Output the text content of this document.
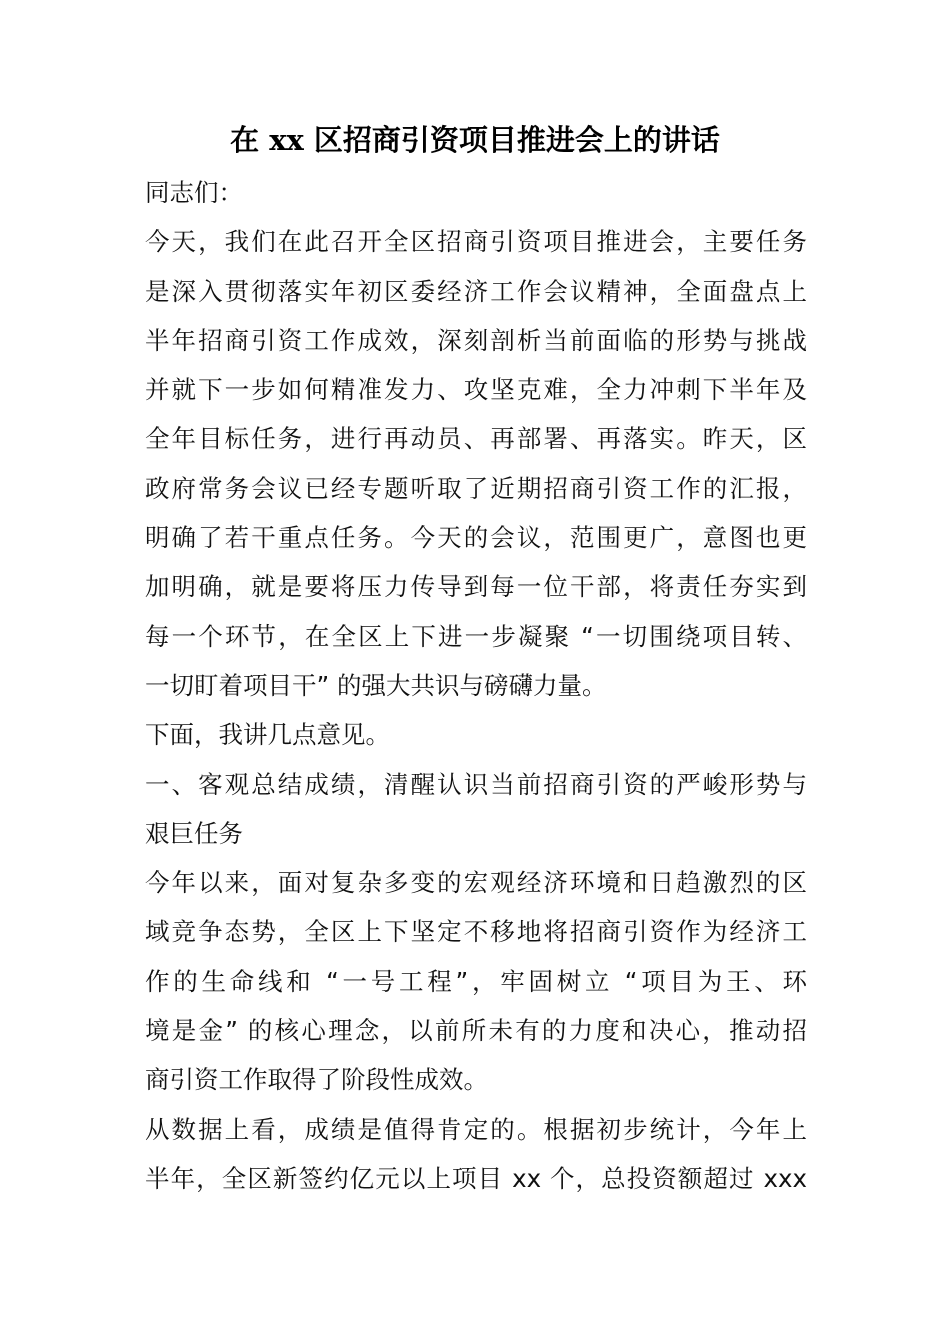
在 xx 区招商引资项目推进会上的讲话
同志们：
今天，我们在此召开全区招商引资项目推进会，主要任务
是深入贯彻落实年初区委经济工作会议精神，全面盘点上
半年招商引资工作成效，深刻剖析当前面临的形势与挑战
并就下一步如何精准发力、攻坚克难，全力冲刺下半年及
全年目标任务，进行再动员、再部署、再落实。昨天，区
政府常务会议已经专题听取了近期招商引资工作的汇报，
明确了若干重点任务。今天的会议，范围更广，意图也更
加明确，就是要将压力传导到每一位干部，将责任夯实到
每一个环节，在全区上下进一步凝聚 “一切围绕项目转、
一切盯着项目干” 的强大共识与磅礴力量。
下面，我讲几点意见。
一、客观总结成绩，清醒认识当前招商引资的严峻形势与
艰巨任务
今年以来，面对复杂多变的宏观经济环境和日趋激烈的区
域竞争态势，全区上下坚定不移地将招商引资作为经济工
作的生命线和 “一号工程”，牢固树立 “项目为王、环
境是金” 的核心理念，以前所未有的力度和决心，推动招
商引资工作取得了阶段性成效。
从数据上看，成绩是值得肯定的。根据初步统计，今年上
半年，全区新签约亿元以上项目 xx 个，总投资额超过 xxx
